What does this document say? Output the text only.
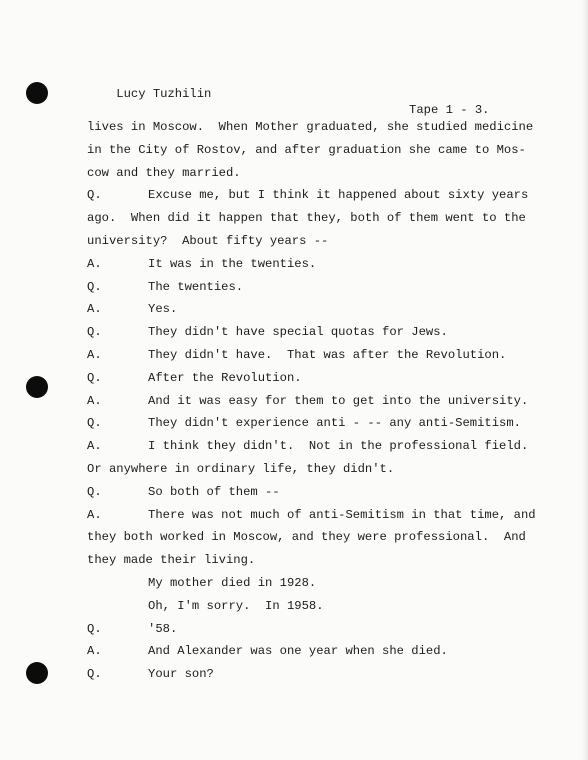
Lucy Tuzhilin

Tape 1 - 3.

lives in Moscow.  When Mother graduated, she studied medicine
in the City of Rostov, and after graduation she came to Mos-
cow and they married.
Q.	Excuse me, but I think it happened about sixty years
ago.  When did it happen that they, both of them went to the
university?  About fifty years --
A.	It was in the twenties.
Q.	The twenties.
A.	Yes.
Q.	They didn't have special quotas for Jews.
A.	They didn't have.  That was after the Revolution.
Q.	After the Revolution.
A.	And it was easy for them to get into the university.
Q.	They didn't experience anti - -- any anti-Semitism.
A.	I think they didn't.  Not in the professional field.
Or anywhere in ordinary life, they didn't.
Q.	So both of them --
A.	There was not much of anti-Semitism in that time, and
they both worked in Moscow, and they were professional.  And
they made their living.
My mother died in 1928.
Oh, I'm sorry.  In 1958.
Q.	'58.
A.	And Alexander was one year when she died.
Q.	Your son?
